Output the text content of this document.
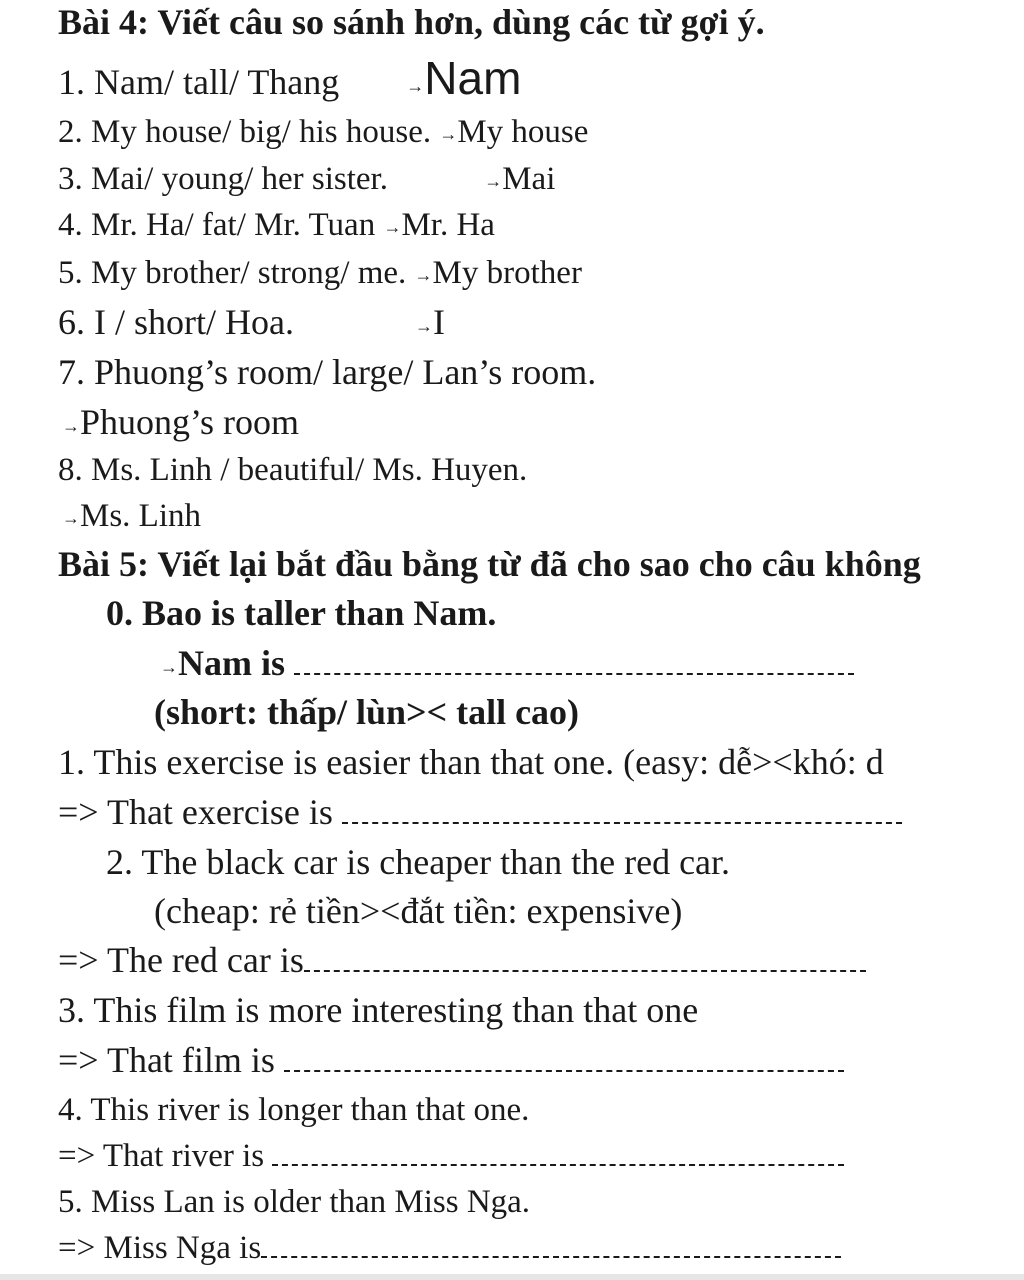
Bài 4: Viết câu so sánh hơn, dùng các từ gợi ý.
1. Nam/ tall/ Thang	→Nam
2. My house/ big/ his house. →My house
3. Mai/ young/ her sister.	→Mai
4. Mr. Ha/ fat/ Mr. Tuan →Mr. Ha
5. My brother/ strong/ me. →My brother
6. I / short/ Hoa.	→I
7. Phuong’s room/ large/ Lan’s room.
→Phuong’s room
8. Ms. Linh / beautiful/ Ms. Huyen.
→Ms. Linh
Bài 5: Viết lại bắt đầu bằng từ đã cho sao cho câu không
0. Bao is taller than Nam.
→Nam is
(short: thấp/ lùn>< tall cao)
1. This exercise is easier than that one. (easy: dễ><khó: d
=> That exercise is
2. The black car is cheaper than the red car.
(cheap: rẻ tiền><đắt tiền: expensive)
=> The red car is
3. This film is more interesting than that one
=> That film is
4. This river is longer than that one.
=> That river is
5. Miss Lan is older than Miss Nga.
=> Miss Nga is
